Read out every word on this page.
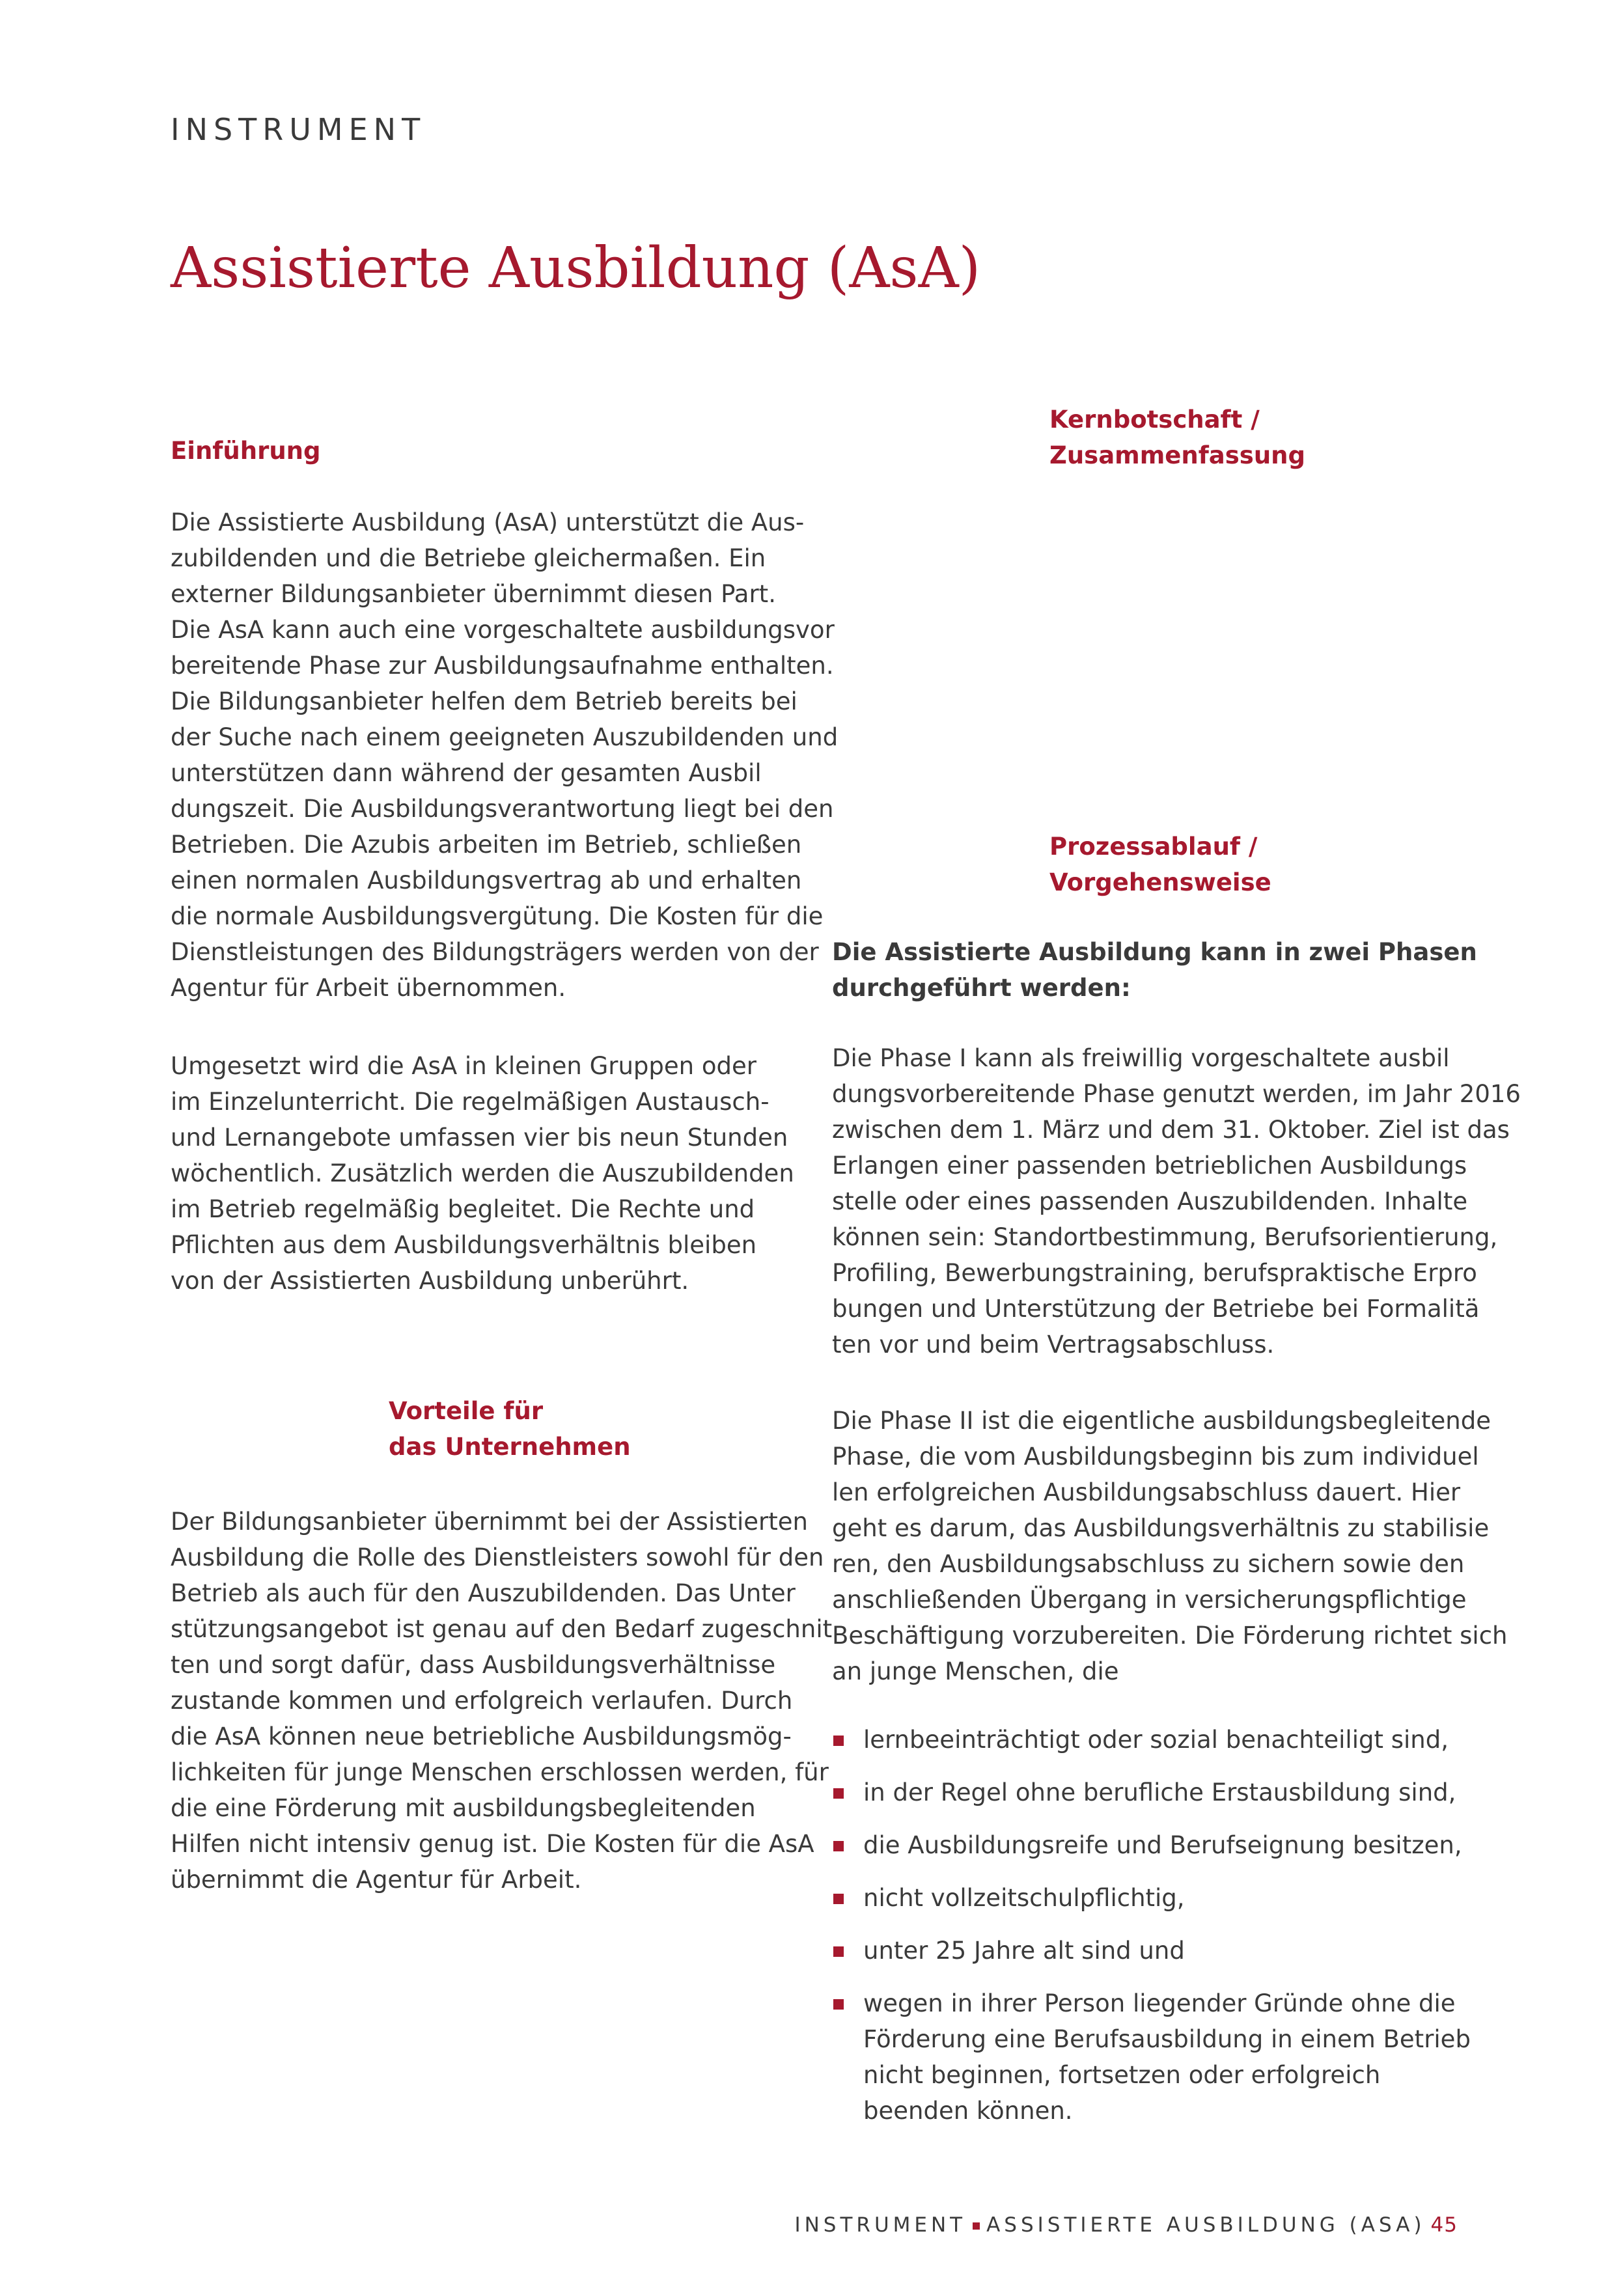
INSTRUMENT
Assistierte Ausbildung (AsA)
Einführung
Die Assistierte Ausbildung (AsA) unterstützt die Aus-
zubildenden und die Betriebe gleichermaßen. Ein
externer Bildungsanbieter übernimmt diesen Part.
Die AsA kann auch eine vorgeschaltete ausbildungsvor
bereitende Phase zur Ausbildungsaufnahme enthalten.
Die Bildungsanbieter helfen dem Betrieb bereits bei
der Suche nach einem geeigneten Auszubildenden und
unterstützen dann während der gesamten Ausbil
dungszeit. Die Ausbildungsverantwortung liegt bei den
Betrieben. Die Azubis arbeiten im Betrieb, schließen
einen normalen Ausbildungsvertrag ab und erhalten
die normale Ausbildungsvergütung. Die Kosten für die
Dienstleistungen des Bildungsträgers werden von der
Agentur für Arbeit übernommen.
Umgesetzt wird die AsA in kleinen Gruppen oder
im Einzelunterricht. Die regelmäßigen Austausch-
und Lernangebote umfassen vier bis neun Stunden
wöchentlich. Zusätzlich werden die Auszubildenden
im Betrieb regelmäßig begleitet. Die Rechte und
Pflichten aus dem Ausbildungsverhältnis bleiben
von der Assistierten Ausbildung unberührt.
Vorteile für
das Unternehmen
Der Bildungsanbieter übernimmt bei der Assistierten
Ausbildung die Rolle des Dienstleisters sowohl für den
Betrieb als auch für den Auszubildenden. Das Unter
stützungsangebot ist genau auf den Bedarf zugeschnit
ten und sorgt dafür, dass Ausbildungsverhältnisse
zustande kommen und erfolgreich verlaufen. Durch
die AsA können neue betriebliche Ausbildungsmög-
lichkeiten für junge Menschen erschlossen werden, für
die eine Förderung mit ausbildungsbegleitenden
Hilfen nicht intensiv genug ist. Die Kosten für die AsA
übernimmt die Agentur für Arbeit.
Kernbotschaft /
Zusammenfassung
Prozessablauf /
Vorgehensweise
Die Assistierte Ausbildung kann in zwei Phasen
durchgeführt werden:
Die Phase I kann als freiwillig vorgeschaltete ausbil
dungsvorbereitende Phase genutzt werden, im Jahr 2016
zwischen dem 1. März und dem 31. Oktober. Ziel ist das
Erlangen einer passenden betrieblichen Ausbildungs
stelle oder eines passenden Auszubildenden. Inhalte
können sein: Standortbestimmung, Berufsorientierung,
Profiling, Bewerbungstraining, berufspraktische Erpro
bungen und Unterstützung der Betriebe bei Formalitä
ten vor und beim Vertragsabschluss.
Die Phase II ist die eigentliche ausbildungsbegleitende
Phase, die vom Ausbildungsbeginn bis zum individuel
len erfolgreichen Ausbildungsabschluss dauert. Hier
geht es darum, das Ausbildungsverhältnis zu stabilisie
ren, den Ausbildungsabschluss zu sichern sowie den
anschließenden Übergang in versicherungspflichtige
Beschäftigung vorzubereiten. Die Förderung richtet sich
an junge Menschen, die
lernbeeinträchtigt oder sozial benachteiligt sind,
in der Regel ohne berufliche Erstausbildung sind,
die Ausbildungsreife und Berufseignung besitzen,
nicht vollzeitschulpflichtig,
unter 25 Jahre alt sind und
wegen in ihrer Person liegender Gründe ohne die Förderung eine Berufsausbildung in einem Betrieb nicht beginnen, fortsetzen oder erfolgreich beenden können.
INSTRUMENT ASSISTIERTE AUSBILDUNG (ASA) 45
